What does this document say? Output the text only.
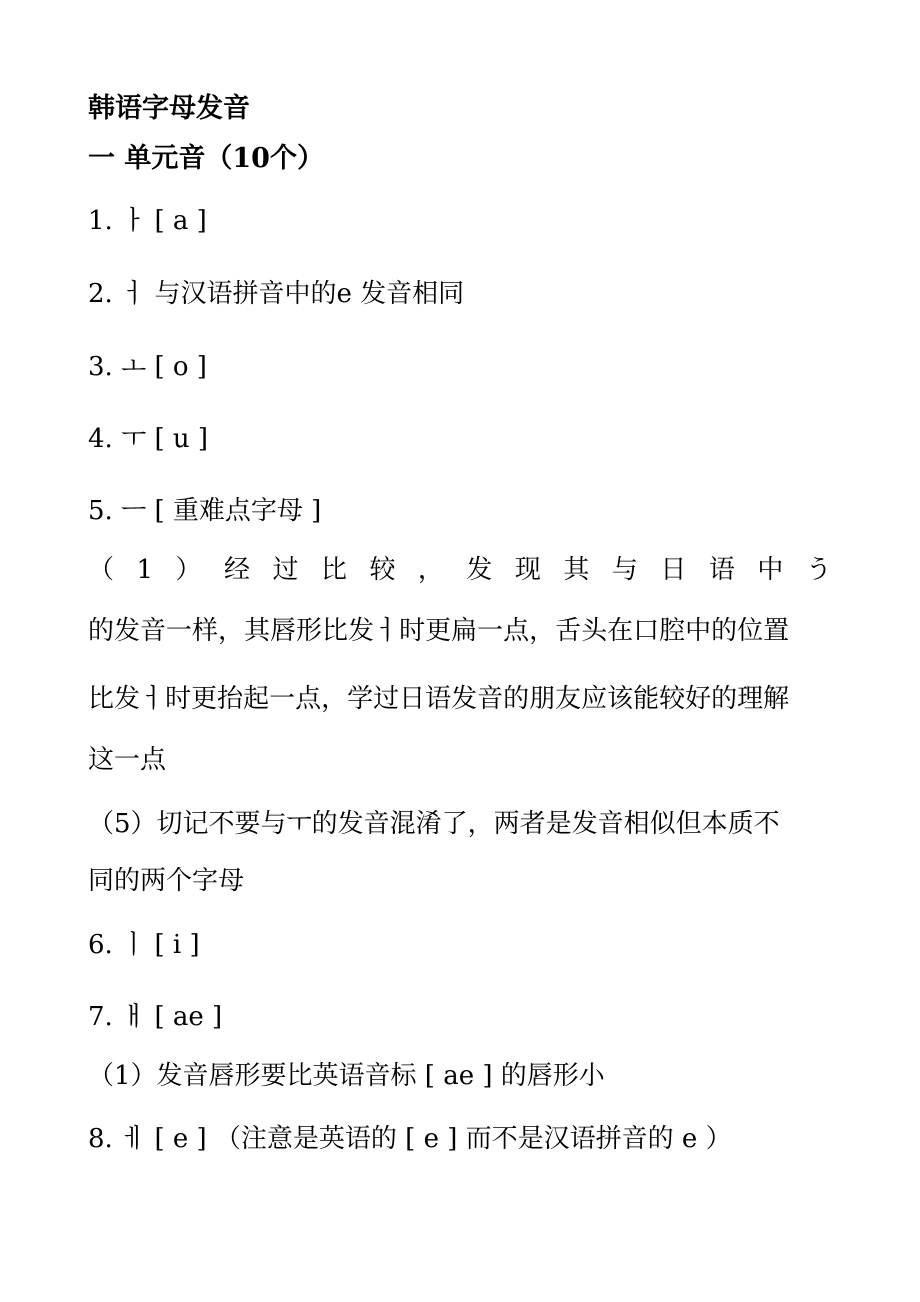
韩语字母发音
一 单元音（10个）
1. ㅏ [ a ]
2. ㅓ 与汉语拼音中的e 发音相同
3. ㅗ [ o ]
4. ㅜ [ u ]
5. ㅡ [ 重难点字母 ]
（ 1 ） 经 过 比 较 ， 发 现 其 与 日 语 中 う
的发音一样，其唇形比发ㅓ时更扁一点，舌头在口腔中的位置
比发ㅓ时更抬起一点，学过日语发音的朋友应该能较好的理解
这一点
（5）切记不要与ㅜ的发音混淆了，两者是发音相似但本质不
同的两个字母
6. ㅣ [ i ]
7. ㅐ [ ae ]
（1）发音唇形要比英语音标 [ ae ] 的唇形小
8. ㅔ [ e ] （注意是英语的 [ e ] 而不是汉语拼音的 e ）
